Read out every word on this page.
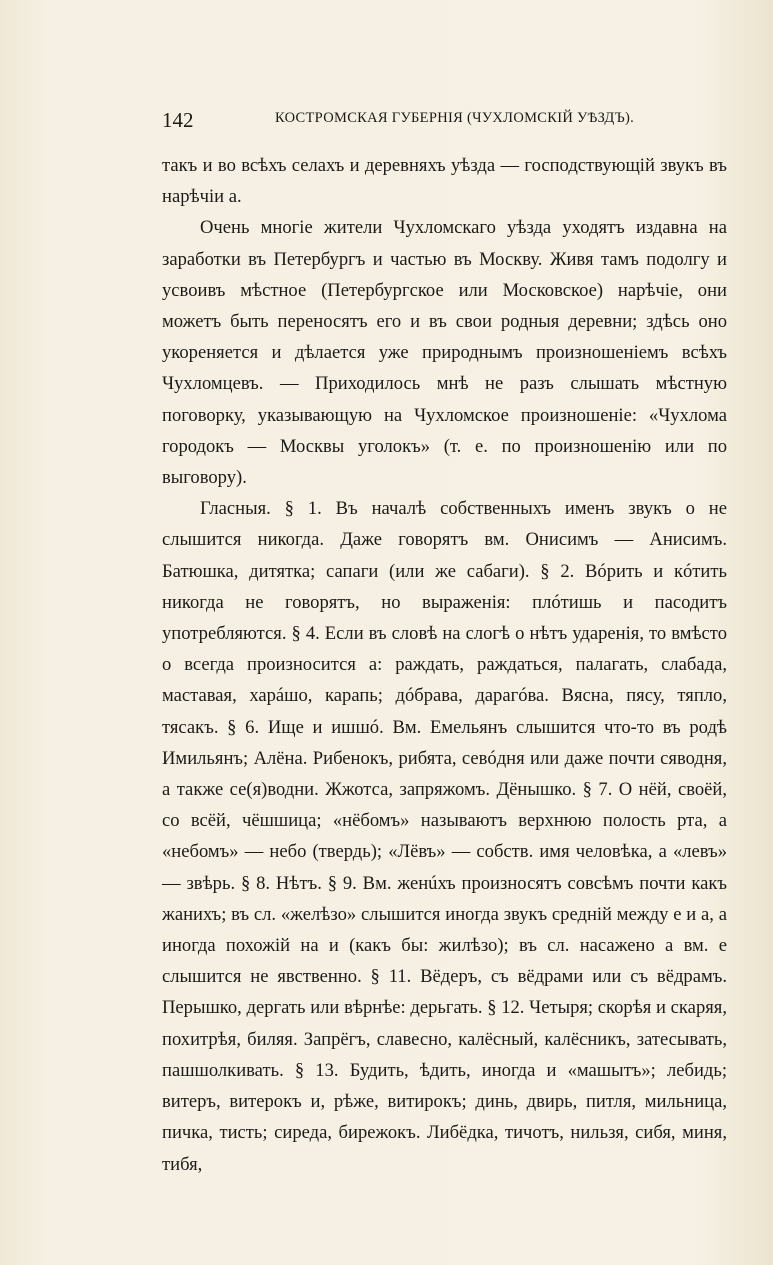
142	КОСТРОМСКАЯ ГУБЕРНІЯ (ЧУХЛОМСКІЙ УѢЗДЪ).

такъ и во всѣхъ селахъ и деревняхъ уѣзда — господствующій звукъ въ нарѣчіи а.

Очень многіе жители Чухломскаго уѣзда уходятъ издавна на заработки въ Петербургъ и частью въ Москву. Живя тамъ подолгу и усвоивъ мѣстное (Петербургское или Московское) нарѣчіе, они можетъ быть переносятъ его и въ свои родныя деревни; здѣсь оно укореняется и дѣлается уже природнымъ произношеніемъ всѣхъ Чухломцевъ. — Приходилось мнѣ не разъ слышать мѣстную поговорку, указывающую на Чухломское произношеніе: «Чухлома городокъ — Москвы уголокъ» (т. е. по произношенію или по выговору).

Гласныя. § 1. Въ началѣ собственныхъ именъ звукъ о не слышится никогда. Даже говорятъ вм. Онисимъ — Анисимъ. Батюшка, дитятка; сапаги (или же сабаги). § 2. Вóрить и кóтить никогда не говорятъ, но выраженія: плóтишь и пасодитъ употребляются. § 4. Если въ словѣ на слогѣ о нѣтъ ударенія, то вмѣсто о всегда произносится а: раждать, раждаться, палагать, слабада, маставая, харáшо, карапь; дóбрава, дарагóва. Вясна, пясу, тяпло, тясакъ. § 6. Ище и ишшó. Вм. Емельянъ слышится что-то въ родѣ Имильянъ; Алёна. Рибенокъ, рибята, севóдня или даже почти сяводня, а также се(я)водни. Жжотса, запряжомъ. Дёнышко. § 7. О нёй, своёй, со всёй, чёшшица; «нёбомъ» называютъ верхнюю полость рта, а «небомъ» — небо (твердь); «Лёвъ» — собств. имя человѣка, а «левъ» — звѣрь. § 8. Нѣтъ. § 9. Вм. женúхъ произносятъ совсѣмъ почти какъ жанихъ; въ сл. «желѣзо» слышится иногда звукъ средній между е и а, а иногда похожій на и (какъ бы: жилѣзо); въ сл. насажено а вм. е слышится не явственно. § 11. Вёдеръ, съ вёдрами или съ вёдрамъ. Перышко, дергать или вѣрнѣе: дерьгать. § 12. Четыря; скорѣя и скаряя, похитрѣя, биляя. Запрёгъ, славесно, калёсный, калёсникъ, затесывать, пашшолкивать. § 13. Будить, ѣдить, иногда и «машытъ»; лебидь; витеръ, витерокъ и, рѣже, витирокъ; динь, двирь, питля, мильница, пичка, тисть; сиреда, бирежокъ. Либёдка, тичотъ, нильзя, сибя, миня, тибя,
